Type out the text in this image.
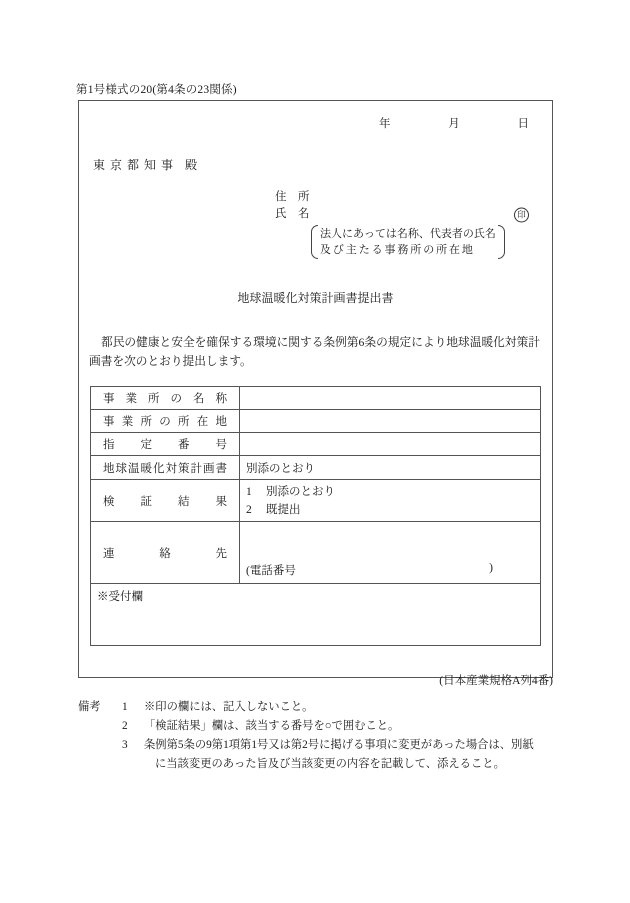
第1号様式の20(第4条の23関係)
年	月	日
東京都知事 殿
住　所
氏　名	印
法人にあっては名称、代表者の氏名
及び主たる事務所の所在地
地球温暖化対策計画書提出書
都民の健康と安全を確保する環境に関する条例第6条の規定により地球温暖化対策計画書を次のとおり提出します。
事業所の名称	

事業所の所在地	

指定番号	

地球温暖化対策計画書	別添のとおり

検証結果	1 別添のとおり
2 既提出

連絡先	(電話番号 )

※受付欄	
(日本産業規格A列4番)
備考	1	※印の欄には、記入しないこと。
2	「検証結果」欄は、該当する番号を○で囲むこと。
3	条例第5条の9第1項第1号又は第2号に掲げる事項に変更があった場合は、別紙
に当該変更のあった旨及び当該変更の内容を記載して、添えること。
